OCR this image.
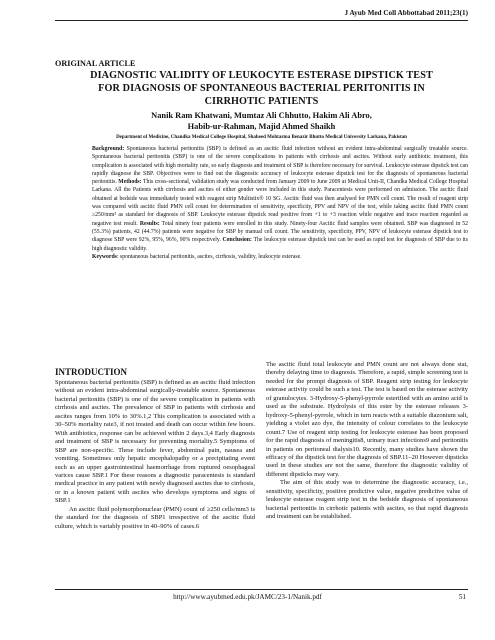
J Ayub Med Coll Abbottabad 2011;23(1)
ORIGINAL ARTICLE
DIAGNOSTIC VALIDITY OF LEUKOCYTE ESTERASE DIPSTICK TEST
FOR DIAGNOSIS OF SPONTANEOUS BACTERIAL PERITONITIS IN
CIRRHOTIC PATIENTS
Nanik Ram Khatwani, Mumtaz Ali Chhutto, Hakim Ali Abro,
Habib-ur-Rahman, Majid Ahmed Shaikh
Department of Medicine, Chandka Medical College Hospital, Shaheed Mohtarma Benazir Bhutto Medical University Larkana, Pakistan
Background: Spontaneous bacterial peritonitis (SBP) is defined as an ascitic fluid infection without an evident intra-abdominal surgically treatable source. Spontaneous bacterial peritonitis (SBP) is one of the severe complications in patients with cirrhosis and ascites. Without early antibiotic treatment, this complication is associated with high mortality rate, so early diagnosis and treatment of SBP is therefore necessary for survival. Leukocyte esterase dipstick test can rapidly diagnose the SBP. Objectives were to find out the diagnostic accuracy of leukocyte esterase dipstick test for the diagnosis of spontaneous bacterial peritonitis. Methods: This cross-sectional, validation study was conducted from January 2009 to June 2009 at Medical Unit-II, Chandka Medical College Hospital Larkana. All the Patients with cirrhosis and ascites of either gender were included in this study. Paracentesis were performed on admission. The ascitic fluid obtained at bedside was immediately tested with reagent strip Multistix® 10 SG. Ascitic fluid was then analysed for PMN cell count. The result of reagent strip was compared with ascitic fluid PMN cell count for determination of sensitivity, specificity, PPV and NPV of the test, while taking ascitic fluid PMN count ≥250/mm³ as standard for diagnosis of SBP. Leukocyte esterase dipstick read positive from +1 to +3 reaction while negative and trace reaction regarded as negative test result. Results: Total ninety four patients were enrolled in this study. Ninety-four Ascitic fluid samples were obtained. SBP was diagnosed in 52 (55.3%) patients, 42 (44.7%) patients were negative for SBP by manual cell count. The sensitivity, specificity, PPV, NPV of leukocyte esterase dipstick test to diagnose SBP were 92%, 95%, 96%, 90% respectively. Conclusion: The leukocyte esterase dipstick test can be used as rapid test for diagnosis of SBP due to its high diagnostic validity.
Keywords: spontaneous bacterial peritonitis, ascites, cirrhosis, validity, leukocyte esterase.
INTRODUCTION

Spontaneous bacterial peritonitis (SBP) is defined as an ascitic fluid infection without an evident intra-abdominal surgically-treatable source. Spontaneous bacterial peritonitis (SBP) is one of the severe complication in patients with cirrhosis and ascites. The prevalence of SBP in patients with cirrhosis and ascites ranges from 10% to 30%.1,2 This complication is associated with a 30–50% mortality rate3, if not treated and death can occur within few hours. With antibiotics, response can be achieved within 2 days.3,4 Early diagnosis and treatment of SBP is necessary for preventing mortality.5 Symptoms of SBP are non-specific. These include fever, abdominal pain, nausea and vomiting. Sometimes only hepatic encephalopathy or a precipitating event such as an upper gastrointestinal haemorrhage from ruptured oesophageal varices cause SBP.1 For these reasons a diagnostic paracentesis is standard medical practice in any patient with newly diagnosed ascites due to cirrhosis, or in a known patient with ascites who develops symptoms and signs of SBP.1

An ascitic fluid polymorphonuclear (PMN) count of ≥250 cells/mm3 is the standard for the diagnosis of SBP1 irrespective of the ascitic fluid culture, which is variably positive in 40–90% of cases.6

The ascitic fluid total leukocyte and PMN count are not always done stat, thereby delaying time to diagnosis. Therefore, a rapid, simple screening test is needed for the prompt diagnosis of SBP. Reagent strip testing for leukocyte esterase activity could be such a test. The test is based on the esterase activity of granulocytes. 3-Hydroxy-5-phenyl-pyrrole esterified with an amino acid is used as the substrate. Hydrolysis of this ester by the esterase releases 3-hydroxy-5-phenyl-pyrrole, which in turn reacts with a suitable diazonium salt, yielding a violet azo dye, the intensity of colour correlates to the leukocyte count.7 Use of reagent strip testing for leukocyte esterase has been proposed for the rapid diagnosis of meningitis8, urinary tract infections9 and peritonitis in patients on peritoneal dialysis10. Recently, many studies have shown the efficacy of the dipstick test for the diagnosis of SBP.11–20 However dipsticks used in these studies are not the same, therefore the diagnostic validity of different dipsticks may vary.

The aim of this study was to determine the diagnostic accuracy, i.e., sensitivity, specificity, positive predictive value, negative predictive value of leukocyte esterase reagent strip test in the bedside diagnosis of spontaneous bacterial peritonitis in cirrhotic patients with ascites, so that rapid diagnosis and treatment can be established.

http://www.ayubmed.edu.pk/JAMC/23-1/Nanik.pdf	51
